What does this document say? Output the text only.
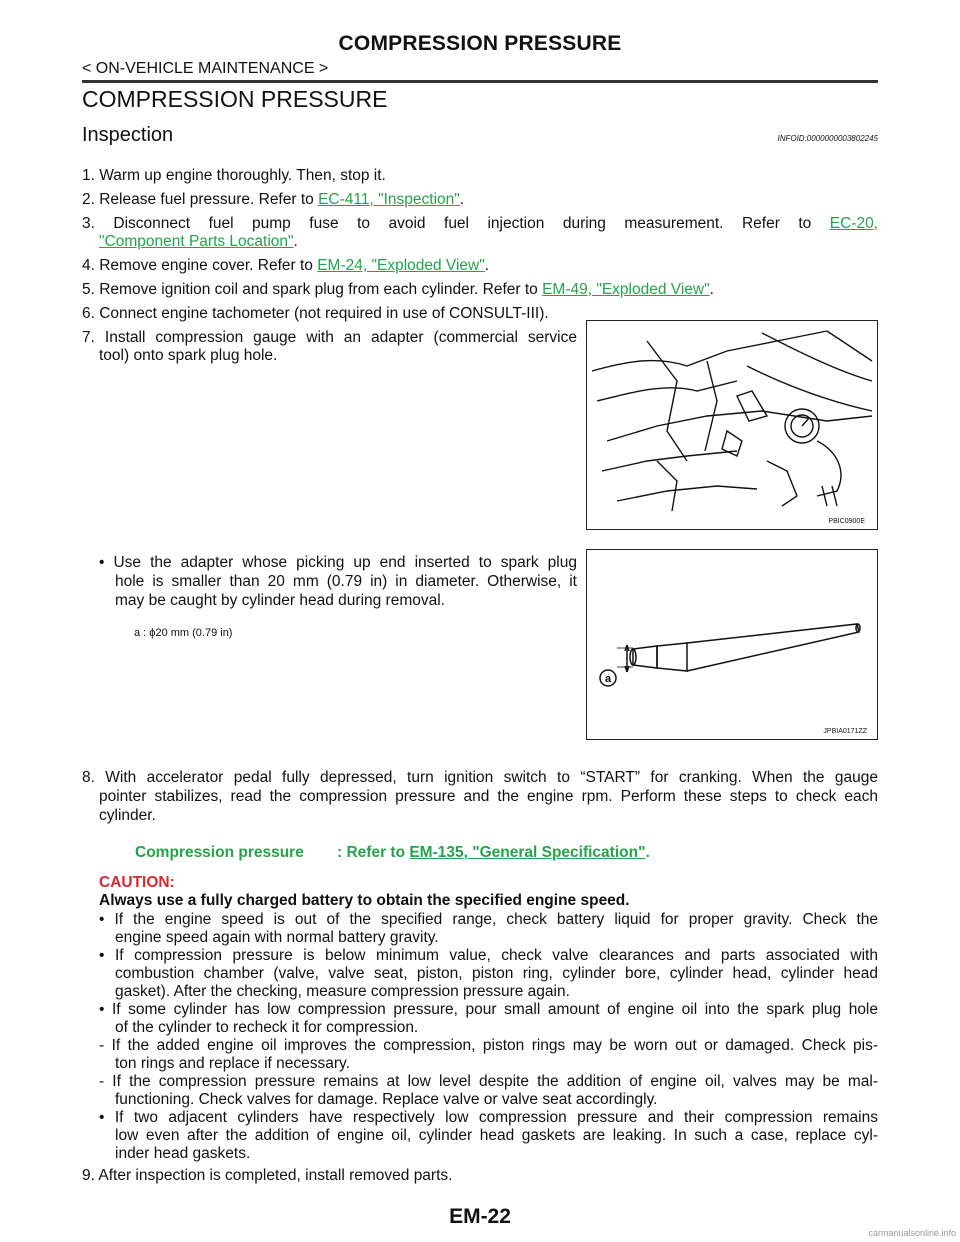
COMPRESSION PRESSURE
< ON-VEHICLE MAINTENANCE >
COMPRESSION PRESSURE
Inspection	INFOID:0000000003802245
1. Warm up engine thoroughly. Then, stop it.
2. Release fuel pressure. Refer to EC-411, "Inspection".
3. Disconnect fuel pump fuse to avoid fuel injection during measurement. Refer to EC-20,
"Component Parts Location".
4. Remove engine cover. Refer to EM-24, "Exploded View".
5. Remove ignition coil and spark plug from each cylinder. Refer to EM-49, "Exploded View".
6. Connect engine tachometer (not required in use of CONSULT-III).
7. Install compression gauge with an adapter (commercial service
tool) onto spark plug hole.
PBIC0900E
• Use the adapter whose picking up end inserted to spark plug
hole is smaller than 20 mm (0.79 in) in diameter. Otherwise, it
may be caught by cylinder head during removal.
a : ϕ20 mm (0.79 in)
a
JPBIA0171ZZ
8. With accelerator pedal fully depressed, turn ignition switch to “START” for cranking. When the gauge
pointer stabilizes, read the compression pressure and the engine rpm. Perform these steps to check each
cylinder.
Compression pressure : Refer to EM-135, "General Specification".
CAUTION:
Always use a fully charged battery to obtain the specified engine speed.
• If the engine speed is out of the specified range, check battery liquid for proper gravity. Check the
engine speed again with normal battery gravity.
• If compression pressure is below minimum value, check valve clearances and parts associated with
combustion chamber (valve, valve seat, piston, piston ring, cylinder bore, cylinder head, cylinder head
gasket). After the checking, measure compression pressure again.
• If some cylinder has low compression pressure, pour small amount of engine oil into the spark plug hole
of the cylinder to recheck it for compression.
- If the added engine oil improves the compression, piston rings may be worn out or damaged. Check pis-
ton rings and replace if necessary.
- If the compression pressure remains at low level despite the addition of engine oil, valves may be mal-
functioning. Check valves for damage. Replace valve or valve seat accordingly.
• If two adjacent cylinders have respectively low compression pressure and their compression remains
low even after the addition of engine oil, cylinder head gaskets are leaking. In such a case, replace cyl-
inder head gaskets.
9. After inspection is completed, install removed parts.
EM-22
carmanualsonline.info
